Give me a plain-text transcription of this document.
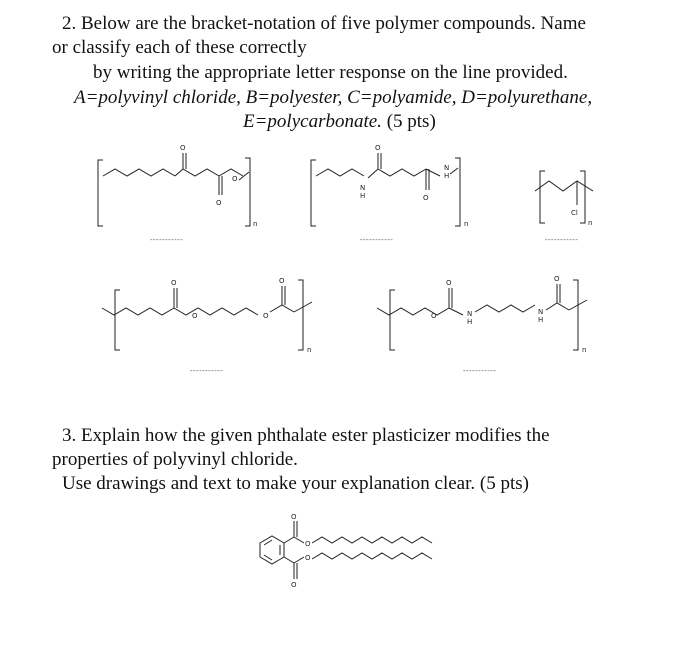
2. Below are the bracket-notation of five polymer compounds. Name
or classify each of these correctly
by writing the appropriate letter response on the line provided.
A=polyvinyl chloride, B=polyester, C=polyamide, D=polyurethane,
E=polycarbonate. (5 pts)
O
O
O
n
-----------
N
H
O
O
N
H
n
-----------
Cl
n
-----------
O
O	O
O
n
-----------
O
O	N
H
N
H
O
n
-----------
3. Explain how the given phthalate ester plasticizer modifies the
properties of polyvinyl chloride.
Use drawings and text to make your explanation clear. (5 pts)
O
O
O
O
